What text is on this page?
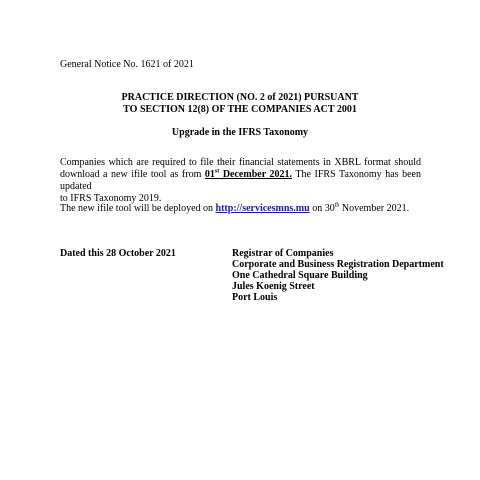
General Notice No. 1621 of 2021
PRACTICE DIRECTION (NO. 2 of 2021) PURSUANT
TO SECTION 12(8) OF THE COMPANIES ACT 2001
Upgrade in the IFRS Taxonomy
Companies which are required to file their financial statements in XBRL format should
download a new ifile tool as from 01st December 2021. The IFRS Taxonomy has been updated
to IFRS Taxonomy 2019.
The new ifile tool will be deployed on http://servicesmns.mu on 30th November 2021.
Dated this 28 October 2021	Registrar of Companies
Corporate and Business Registration Department
One Cathedral Square Building
Jules Koenig Street
Port Louis
